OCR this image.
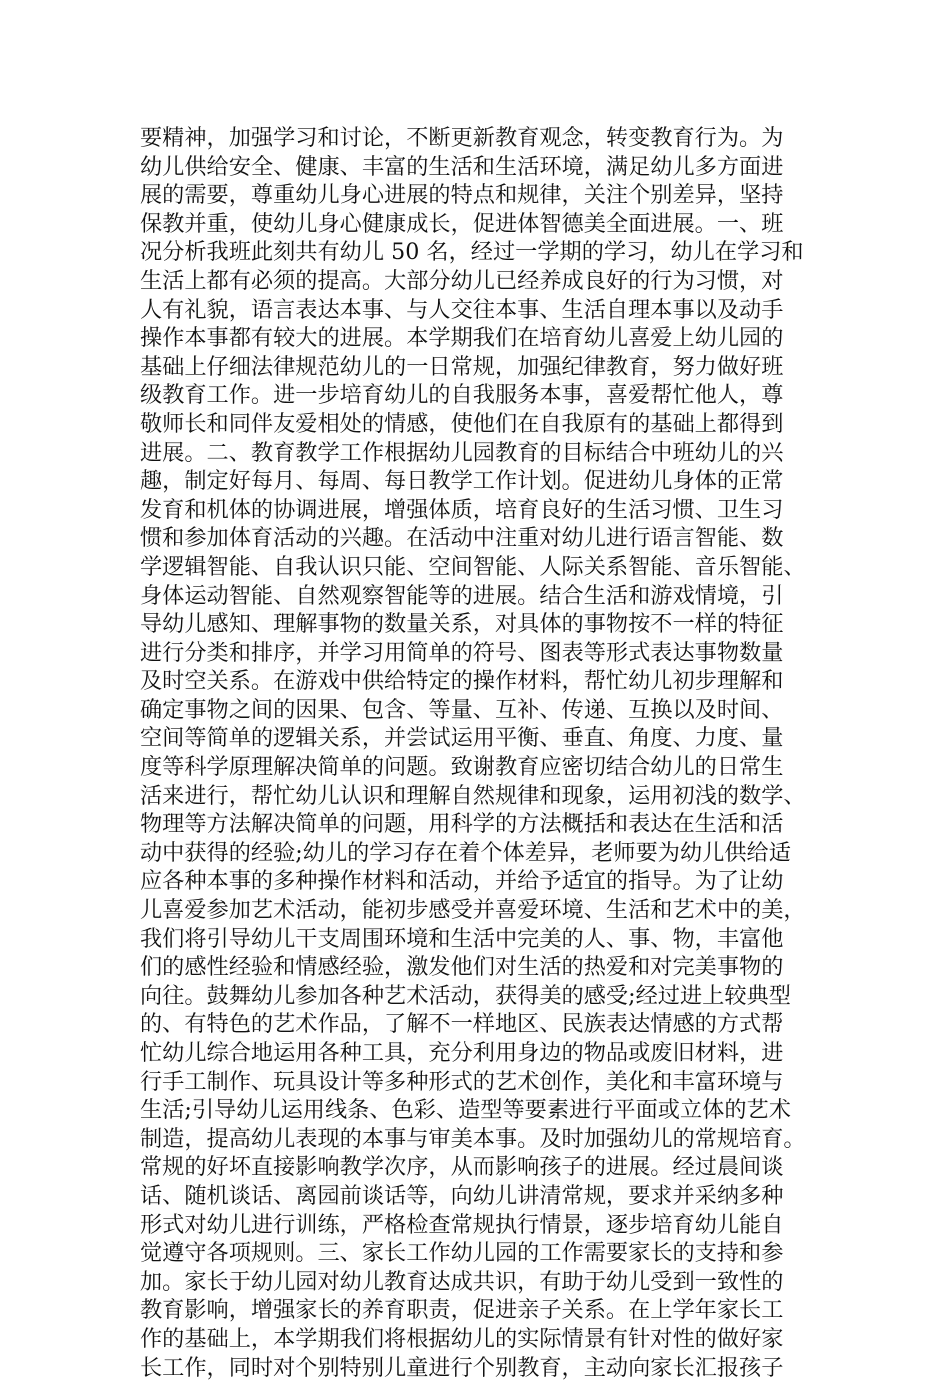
要精神，加强学习和讨论，不断更新教育观念，转变教育行为。为
幼儿供给安全、健康、丰富的生活和生活环境，满足幼儿多方面进
展的需要，尊重幼儿身心进展的特点和规律，关注个别差异，坚持
保教并重，使幼儿身心健康成长，促进体智德美全面进展。一、班
况分析我班此刻共有幼儿 50 名，经过一学期的学习，幼儿在学习和
生活上都有必须的提高。大部分幼儿已经养成良好的行为习惯，对
人有礼貌，语言表达本事、与人交往本事、生活自理本事以及动手
操作本事都有较大的进展。本学期我们在培育幼儿喜爱上幼儿园的
基础上仔细法律规范幼儿的一日常规，加强纪律教育，努力做好班
级教育工作。进一步培育幼儿的自我服务本事，喜爱帮忙他人，尊
敬师长和同伴友爱相处的情感，使他们在自我原有的基础上都得到
进展。二、教育教学工作根据幼儿园教育的目标结合中班幼儿的兴
趣，制定好每月、每周、每日教学工作计划。促进幼儿身体的正常
发育和机体的协调进展，增强体质，培育良好的生活习惯、卫生习
惯和参加体育活动的兴趣。在活动中注重对幼儿进行语言智能、数
学逻辑智能、自我认识只能、空间智能、人际关系智能、音乐智能、
身体运动智能、自然观察智能等的进展。结合生活和游戏情境，引
导幼儿感知、理解事物的数量关系，对具体的事物按不一样的特征
进行分类和排序，并学习用简单的符号、图表等形式表达事物数量
及时空关系。在游戏中供给特定的操作材料，帮忙幼儿初步理解和
确定事物之间的因果、包含、等量、互补、传递、互换以及时间、
空间等简单的逻辑关系，并尝试运用平衡、垂直、角度、力度、量
度等科学原理解决简单的问题。致谢教育应密切结合幼儿的日常生
活来进行，帮忙幼儿认识和理解自然规律和现象，运用初浅的数学、
物理等方法解决简单的问题，用科学的方法概括和表达在生活和活
动中获得的经验;幼儿的学习存在着个体差异，老师要为幼儿供给适
应各种本事的多种操作材料和活动，并给予适宜的指导。为了让幼
儿喜爱参加艺术活动，能初步感受并喜爱环境、生活和艺术中的美，
我们将引导幼儿干支周围环境和生活中完美的人、事、物，丰富他
们的感性经验和情感经验，激发他们对生活的热爱和对完美事物的
向往。鼓舞幼儿参加各种艺术活动，获得美的感受;经过进上较典型
的、有特色的艺术作品，了解不一样地区、民族表达情感的方式帮
忙幼儿综合地运用各种工具，充分利用身边的物品或废旧材料，进
行手工制作、玩具设计等多种形式的艺术创作，美化和丰富环境与
生活;引导幼儿运用线条、色彩、造型等要素进行平面或立体的艺术
制造，提高幼儿表现的本事与审美本事。及时加强幼儿的常规培育。
常规的好坏直接影响教学次序，从而影响孩子的进展。经过晨间谈
话、随机谈话、离园前谈话等，向幼儿讲清常规，要求并采纳多种
形式对幼儿进行训练，严格检查常规执行情景，逐步培育幼儿能自
觉遵守各项规则。三、家长工作幼儿园的工作需要家长的支持和参
加。家长于幼儿园对幼儿教育达成共识，有助于幼儿受到一致性的
教育影响，增强家长的养育职责，促进亲子关系。在上学年家长工
作的基础上，本学期我们将根据幼儿的实际情景有针对性的做好家
长工作，同时对个别特别儿童进行个别教育，主动向家长汇报孩子
